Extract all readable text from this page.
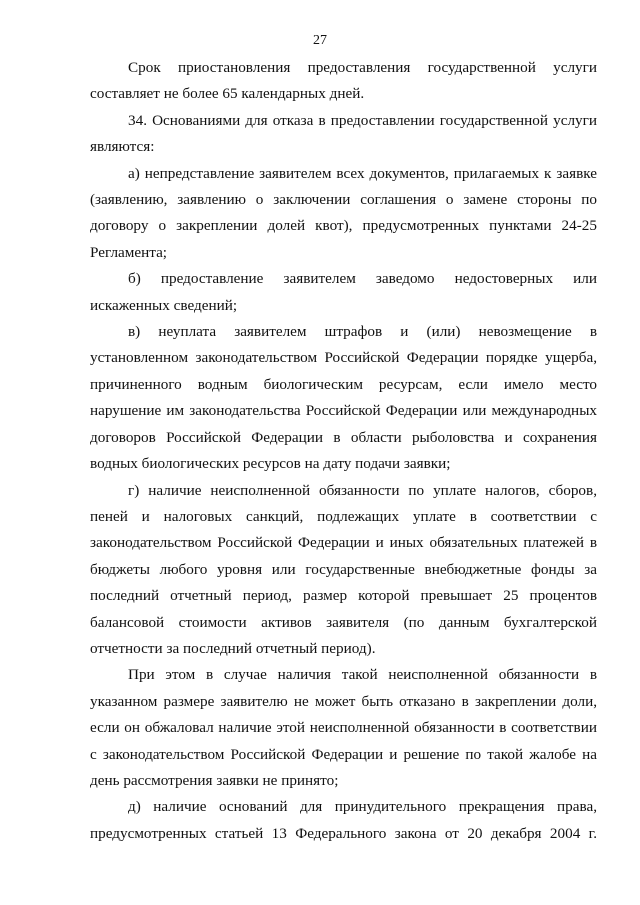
27

Срок приостановления предоставления государственной услуги составляет не более 65 календарных дней.

34. Основаниями для отказа в предоставлении государственной услуги являются:

а) непредставление заявителем всех документов, прилагаемых к заявке (заявлению, заявлению о заключении соглашения о замене стороны по договору о закреплении долей квот), предусмотренных пунктами 24-25 Регламента;

б) предоставление заявителем заведомо недостоверных или искаженных сведений;

в) неуплата заявителем штрафов и (или) невозмещение в установленном законодательством Российской Федерации порядке ущерба, причиненного водным биологическим ресурсам, если имело место нарушение им законодательства Российской Федерации или международных договоров Российской Федерации в области рыболовства и сохранения водных биологических ресурсов на дату подачи заявки;

г) наличие неисполненной обязанности по уплате налогов, сборов, пеней и налоговых санкций, подлежащих уплате в соответствии с законодательством Российской Федерации и иных обязательных платежей в бюджеты любого уровня или государственные внебюджетные фонды за последний отчетный период, размер которой превышает 25 процентов балансовой стоимости активов заявителя (по данным бухгалтерской отчетности за последний отчетный период).

При этом в случае наличия такой неисполненной обязанности в указанном размере заявителю не может быть отказано в закреплении доли, если он обжаловал наличие этой неисполненной обязанности в соответствии с законодательством Российской Федерации и решение по такой жалобе на день рассмотрения заявки не принято;

д) наличие оснований для принудительного прекращения права, предусмотренных статьей 13 Федерального закона от 20 декабря 2004 г.
